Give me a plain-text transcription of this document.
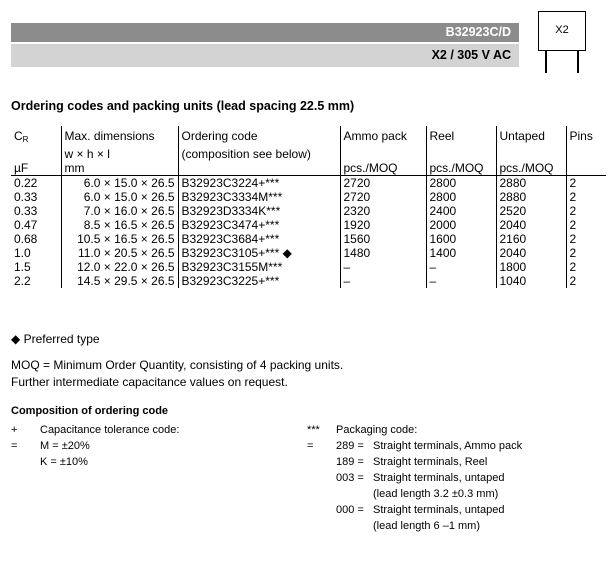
B32923C/D
X2 / 305 V AC
X2
Ordering codes and packing units (lead spacing 22.5 mm)
$C_R$	Max. dimensions	Ordering code	Ammo pack	Reel	Untaped	Pins
	w × h × l	(composition see below)				
µF	mm		pcs./MOQ	pcs./MOQ	pcs./MOQ	
0.22	6.0 × 15.0 × 26.5	B32923C3224+***	2720	2800	2880	2
0.33	6.0 × 15.0 × 26.5	B32923C3334M***	2720	2800	2880	2
0.33	7.0 × 16.0 × 26.5	B32923D3334K***	2320	2400	2520	2
0.47	8.5 × 16.5 × 26.5	B32923C3474+***	1920	2000	2040	2
0.68	10.5 × 16.5 × 26.5	B32923C3684+***	1560	1600	2160	2
1.0	11.0 × 20.5 × 26.5	B32923C3105+*** ◆	1480	1400	2040	2
1.5	12.0 × 22.0 × 26.5	B32923C3155M***	–	–	1800	2
2.2	14.5 × 29.5 × 26.5	B32923C3225+***	–	–	1040	2
◆ Preferred type
MOQ = Minimum Order Quantity, consisting of 4 packing units.
Further intermediate capacitance values on request.
Composition of ordering code
+ =
Capacitance tolerance code:
M = ±20%
K = ±10%
*** =
Packaging code:
289 = Straight terminals, Ammo pack
189 = Straight terminals, Reel
003 = Straight terminals, untaped
(lead length 3.2 ±0.3 mm)
000 = Straight terminals, untaped
(lead length 6 –1 mm)
